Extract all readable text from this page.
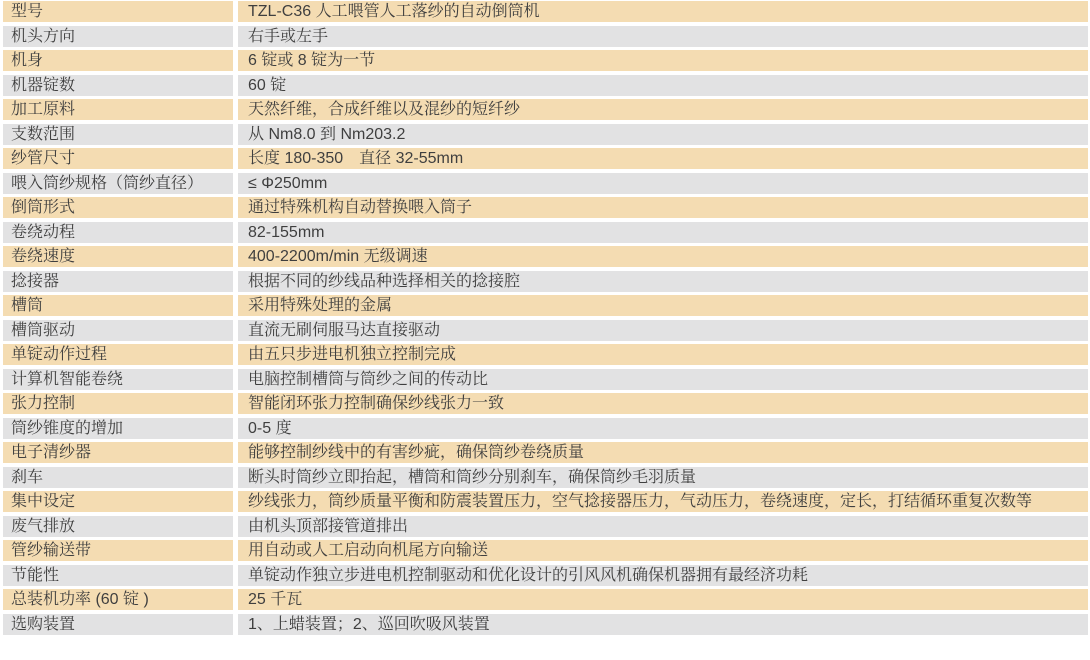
型号	TZL-C36 人工喂管人工落纱的自动倒筒机
机头方向	右手或左手
机身	6 锭或 8 锭为一节
机器锭数	60 锭
加工原料	天然纤维，合成纤维以及混纱的短纤纱
支数范围	从 Nm8.0 到 Nm203.2
纱管尺寸	长度 180-350　直径 32-55mm
喂入筒纱规格（筒纱直径）	≤ Φ250mm
倒筒形式	通过特殊机构自动替换喂入筒子
卷绕动程	82-155mm
卷绕速度	400-2200m/min 无级调速
捻接器	根据不同的纱线品种选择相关的捻接腔
槽筒	采用特殊处理的金属
槽筒驱动	直流无刷伺服马达直接驱动
单锭动作过程	由五只步进电机独立控制完成
计算机智能卷绕	电脑控制槽筒与筒纱之间的传动比
张力控制	智能闭环张力控制确保纱线张力一致
筒纱锥度的增加	0-5 度
电子清纱器	能够控制纱线中的有害纱疵，确保筒纱卷绕质量
刹车	断头时筒纱立即抬起，槽筒和筒纱分别刹车，确保筒纱毛羽质量
集中设定	纱线张力，筒纱质量平衡和防震装置压力，空气捻接器压力，气动压力，卷绕速度，定长，打结循环重复次数等
废气排放	由机头顶部接管道排出
管纱输送带	用自动或人工启动向机尾方向输送
节能性	单锭动作独立步进电机控制驱动和优化设计的引风风机确保机器拥有最经济功耗
总装机功率 (60 锭 )	25 千瓦
选购装置	1、上蜡装置；2、巡回吹吸风装置
